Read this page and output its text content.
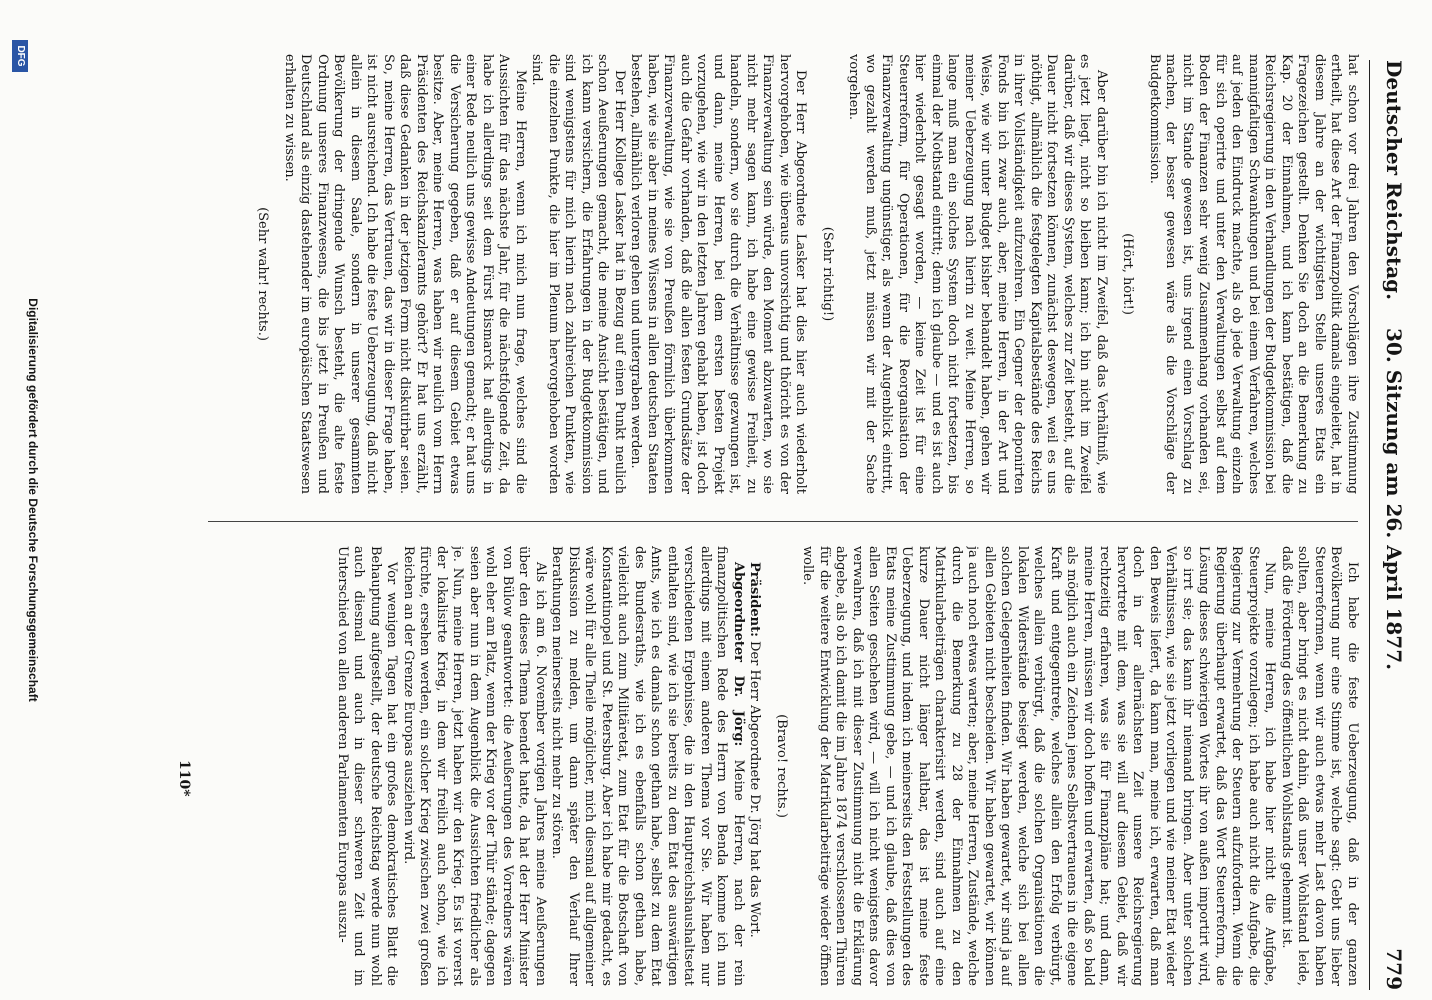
Deutscher Reichstag.
30. Sitzung am 26. April 1877.
779

hat schon vor drei Jahren den Vorschlägen ihre Zustimmung ertheilt, hat diese Art der Finanzpolitik damals eingeleitet, hat in diesem Jahre an der wichtigsten Stelle unseres Etats ein Fragezeichen gestellt. Denken Sie doch an die Bemerkung zu Kap. 20 der Einnahmen, und ich kann bestätigen, daß die Reichsregierung in den Verhandlungen der Budgetkommission bei mannigfaltigen Schwankungen und bei einem Verfahren, welches auf jeden den Eindruck machte, als ob jede Verwaltung einzeln für sich operirte und unter den Verwaltungen selbst auf dem Boden der Finanzen sehr wenig Zusammenhang vorhanden sei, nicht im Stande gewesen ist, uns irgend einen Vorschlag zu machen, der besser gewesen wäre als die Vorschläge der Budgetkommission.

(Hört, hört!)

Aber darüber bin ich nicht im Zweifel, daß das Verhältniß, wie es jetzt liegt, nicht so bleiben kann; ich bin nicht im Zweifel darüber, daß wir dieses System, welches zur Zeit besteht, auf die Dauer nicht fortsetzen können, zunächst deswegen, weil es uns nöthigt, allmählich die festgelegten Kapitalsbestände des Reichs in ihrer Vollständigkeit aufzuzehren. Ein Gegner der deponirten Fonds bin ich zwar auch, aber, meine Herren, in der Art und Weise, wie wir unter Budget bisher behandelt haben, gehen wir meiner Ueberzeugung nach hierin zu weit. Meine Herren, so lange muß man ein solches System doch nicht fortsetzen, bis einmal der Nothstand eintritt; denn ich glaube — und es ist auch hier wiederholt gesagt worden, — keine Zeit ist für eine Steuerreform, für Operationen, für die Reorganisation der Finanzverwaltung ungünstiger, als wenn der Augenblick eintritt, wo gezahlt werden muß, jetzt müssen wir mit der Sache vorgehen.

(Sehr richtig!)

Der Herr Abgeordnete Lasker hat dies hier auch wiederholt hervorgehoben, wie überaus unvorsichtig und thöricht es von der Finanzverwaltung sein würde, den Moment abzuwarten, wo sie nicht mehr sagen kann, ich habe eine gewisse Freiheit, zu handeln, sondern, wo sie durch die Verhältnisse gezwungen ist, und dann, meine Herren, bei dem ersten besten Projekt vorzugehen, wie wir in den letzten Jahren gehabt haben, ist doch auch die Gefahr vorhanden, daß die allen festen Grundsätze der Finanzverwaltung, wie sie von Preußen förmlich überkommen haben, wie sie aber in meines Wissens in allen deutschen Staaten bestehen, allmählich verloren gehen und untergraben werden.

Der Herr Kollege Lasker hat in Bezug auf einen Punkt neulich schon Aeußerungen gemacht, die meine Ansicht bestätigen, und ich kann versichern, die Erfahrungen in der Budgetkommission sind wenigstens für mich hierin nach zahlreichen Punkten, wie die einzelnen Punkte, die hier im Plenum hervorgehoben worden sind.

Meine Herren, wenn ich mich nun frage, welches sind die Aussichten für das nächste Jahr, für die nächstfolgende Zeit, da habe ich allerdings seit dem Fürst Bismarck hat allerdings in einer Rede neulich uns gewisse Andeutungen gemacht; er hat uns die Versicherung gegeben, daß er auf diesem Gebiet etwas besitze. Aber, meine Herren, was haben wir neulich vom Herrn Präsidenten des Reichskanzleramts gehört? Er hat uns erzählt, daß diese Gedanken in der jetzigen Form nicht diskutirbar seien. So, meine Herren, das Vertrauen, das wir in dieser Frage haben, ist nicht ausreichend. Ich habe die feste Ueberzeugung, daß nicht allein in diesem Saale, sondern in unserer gesammten Bevölkerung der dringende Wunsch besteht, die alte feste Ordnung unseres Finanzwesens, die bis jetzt in Preußen und Deutschland als einzig dastehender im europäischen Staatswesen erhalten zu wissen.

(Sehr wahr! rechts.)

Ich habe die feste Ueberzeugung, daß in der ganzen Bevölkerung nur eine Stimme ist, welche sagt: Gebt uns lieber Steuerreformen, wenn wir auch etwas mehr Last davon haben sollten, aber bringt es nicht dahin, daß unser Wohlstand leide, daß die Förderung des öffentlichen Wohlstands gehemmt ist.

Nun, meine Herren, ich habe hier nicht die Aufgabe, Steuerprojekte vorzulegen; ich habe auch nicht die Aufgabe, die Regierung zur Vermehrung der Steuern aufzufordern. Wenn die Regierung überhaupt erwartet, daß das Wort Steuerreform, die Lösung dieses schwierigen Wortes ihr von außen importirt wird, so irrt sie; das kann ihr niemand bringen. Aber unter solchen Verhältnissen, wie sie jetzt vorliegen und wie meiner Etat wieder den Beweis liefert, da kann man, meine ich, erwarten, daß man doch in der allernächsten Zeit unsere Reichsregierung hervortrete mit dem, was sie will auf diesem Gebiet, daß wir rechtzeitig erfahren, was sie für Finanzpläne hat; und dann, meine Herren, müssen wir doch hoffen und erwarten, daß so bald als möglich auch ein Zeichen jenes Selbstvertrauens in die eigene Kraft und entgegentrete, welches allein den Erfolg verbürgt, welches allein verbürgt, daß die solchen Organisationen die lokalen Widerstände besiegt werden, welche sich bei allen solchen Gelegenheiten finden. Wir haben gewartet, wir sind ja auf allen Gebieten nicht bescheiden. Wir haben gewartet, wir können ja auch noch etwas warten; aber, meine Herren, Zustände, welche durch die Bemerkung zu 28 der Einnahmen zu den Matrikularbeiträgen charakterisirt werden, sind auch auf eine kurze Dauer nicht länger haltbar, das ist meine feste Ueberzeugung, und indem ich meinerseits den Feststellungen des Etats meine Zustimmung gebe, — und ich glaube, daß dies von allen Seiten geschehen wird, — will ich nicht wenigstens davor verwahren, daß ich mit dieser Zustimmung nicht die Erklärung abgebe, als ob ich damit die im Jahre 1874 verschlossenen Thüren für die weitere Entwicklung der Matrikularbeiträge wieder öffnen wolle.

(Bravo! rechts.)

Präsident: Der Herr Abgeordnete Dr. Jörg hat das Wort.

Abgeordneter Dr. Jörg: Meine Herren, nach der rein finanzpolitischen Rede des Herrn von Benda komme ich nun allerdings mit einem anderen Thema vor Sie. Wir haben nur verschiedenen Ergebnisse, die in den Hauptreichshaushaltsetat enthalten sind, wie ich sie bereits zu dem Etat des auswärtigen Amts, wie ich es damals schon gethan habe, selbst zu dem Etat des Bundesraths, wie ich es ebenfalls schon gethan habe, vielleicht auch zum Militäretat, zum Etat für die Botschaft von Konstantinopel und St. Petersburg. Aber ich habe mir gedacht, es wäre wohl für alle Theile möglicher, mich diesmal auf allgemeiner Diskussion zu melden, um dann später den Verlauf Ihrer Berathungen meinerseits nicht mehr zu stören.

Als ich am 6. November vorigen Jahres meine Aeußerungen über den dieses Thema beendet hatte, da hat der Herr Minister von Bülow geantwortet: die Aeußerungen des Vorredners wären wohl eher am Platz, wenn der Krieg vor der Thür stände; dagegen seien aber nun in dem Augenblick die Aussichten friedlicher als je. Nun, meine Herren, jetzt haben wir den Krieg. Es ist vorerst der lokalisirte Krieg, in dem wir freilich auch schon, wie ich fürchte, ersehen werden, ein solcher Krieg zwischen zwei großen Reichen an der Grenze Europas ausziehen wird.

Vor wenigen Tagen hat ein großes demokratisches Blatt die Behauptung aufgestellt, der deutsche Reichstag werde nun wohl auch diesmal und auch in dieser schweren Zeit und im Unterschied von allen anderen Parlamenten Europas auszu-

110*
DFG
Digitalisierung gefördert durch die Deutsche Forschungsgemeinschaft
